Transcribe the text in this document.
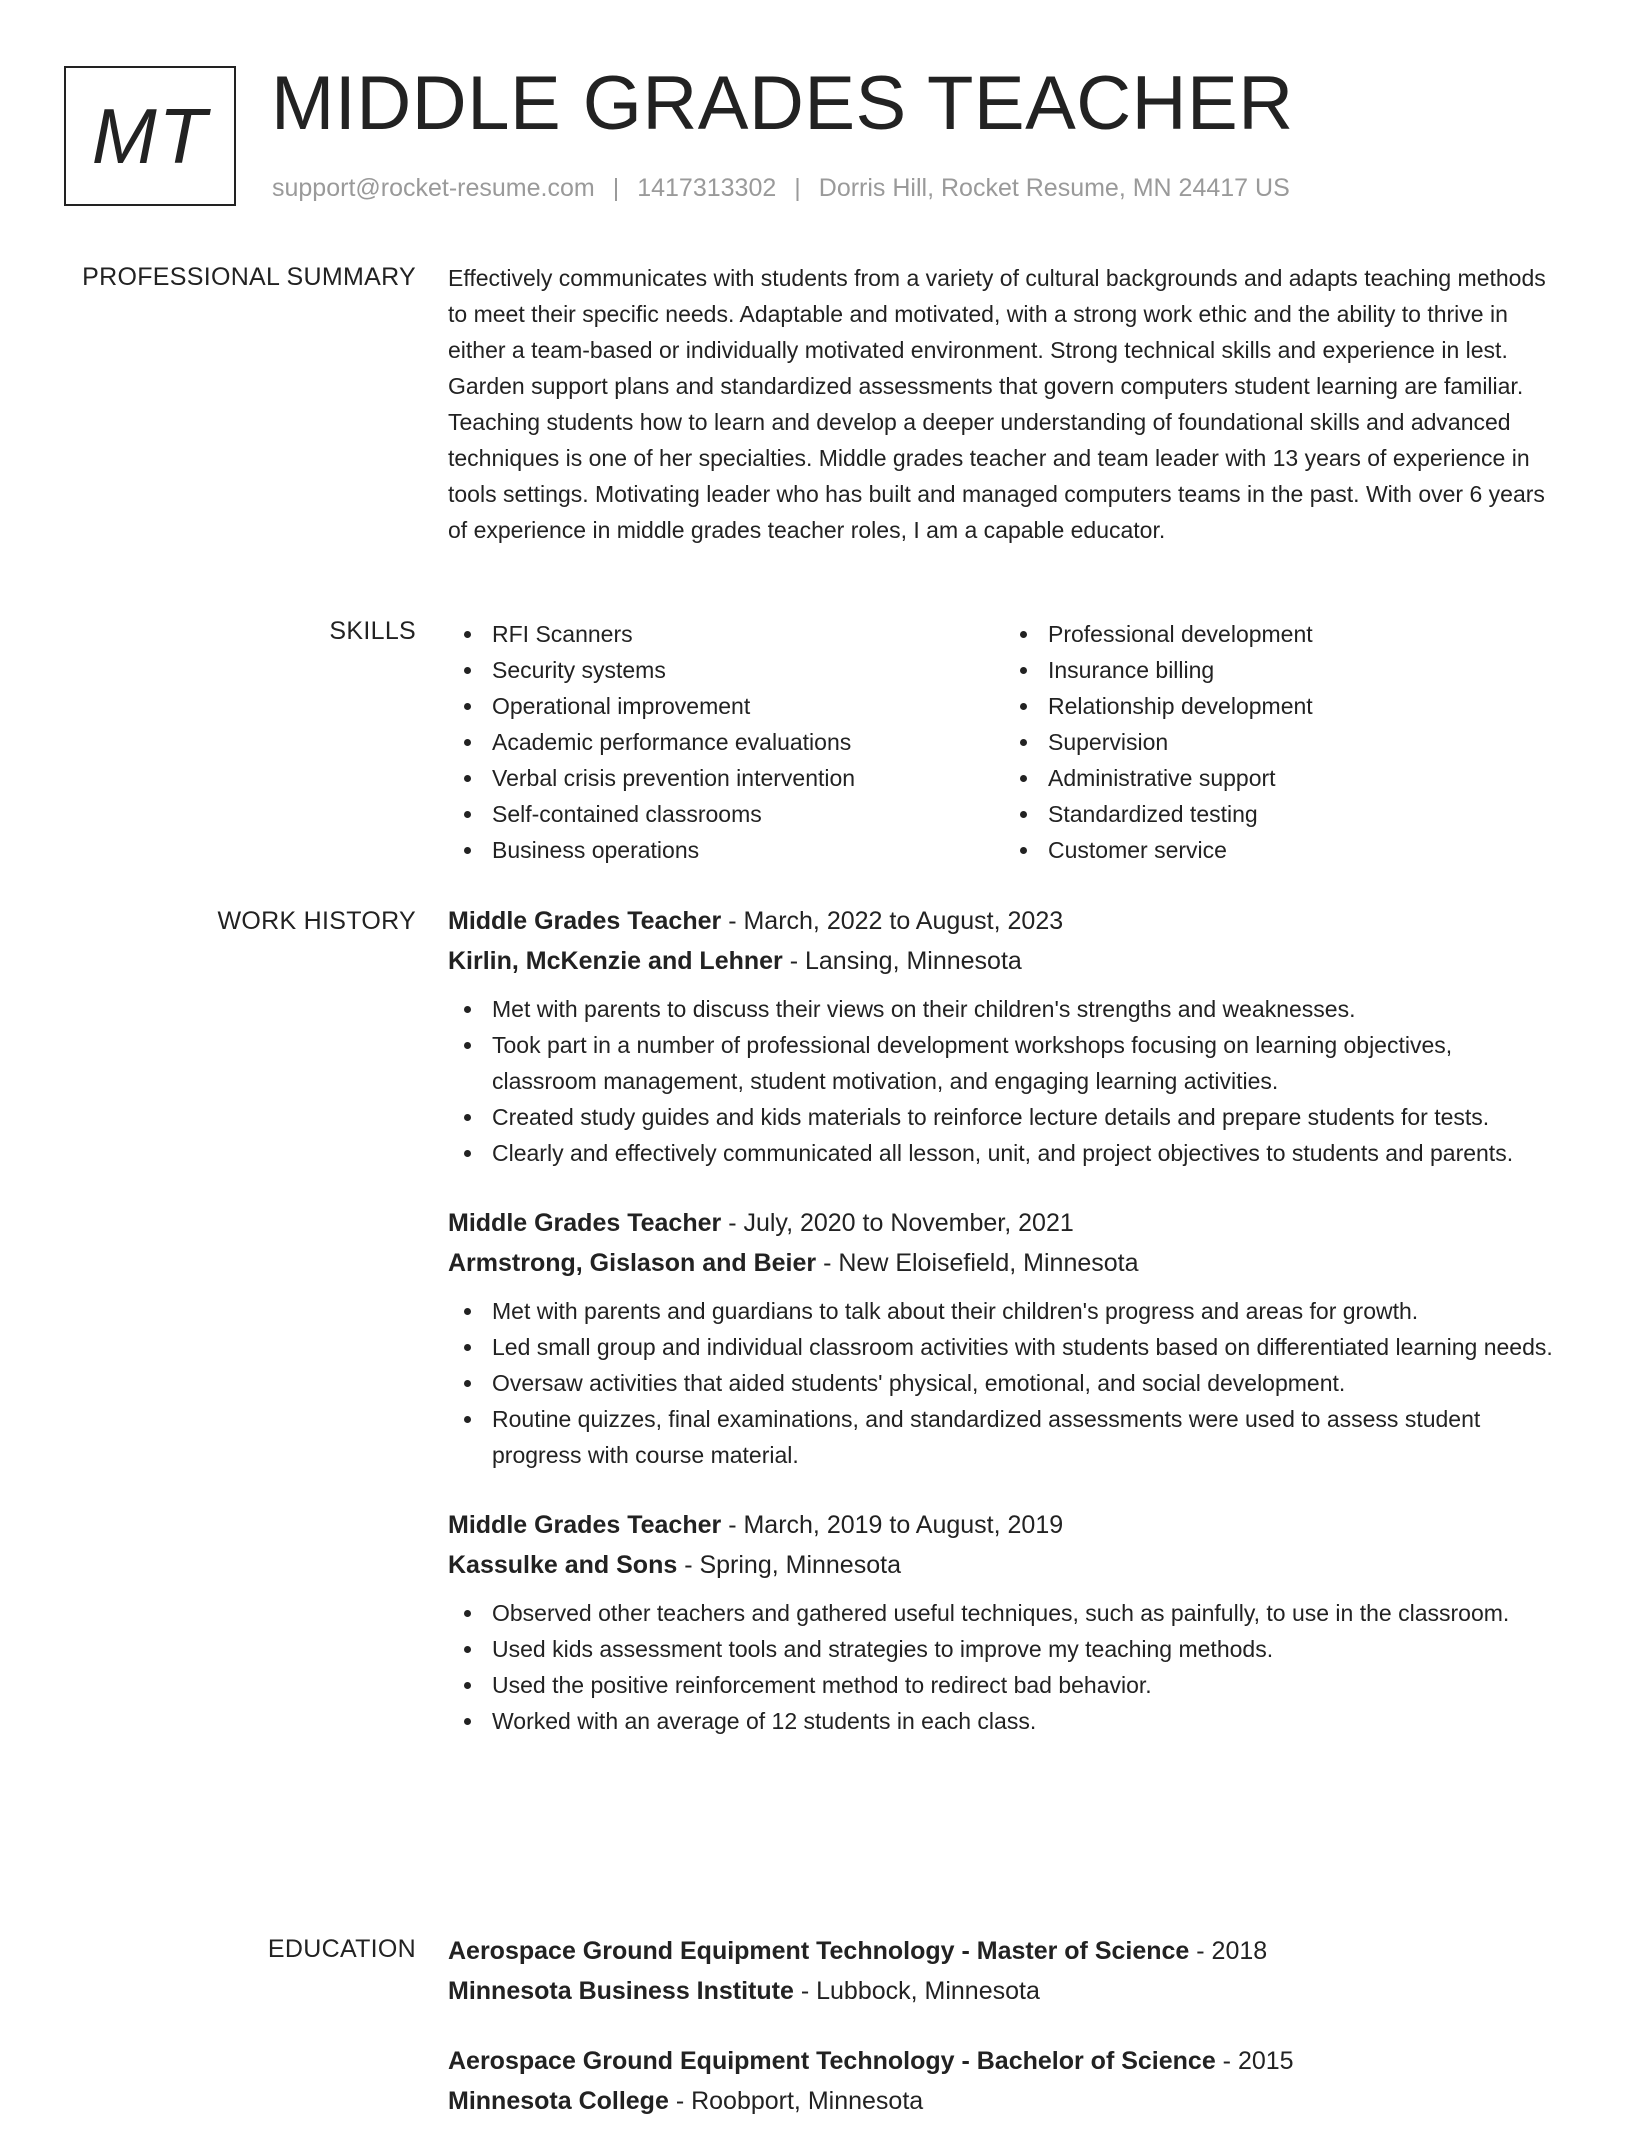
MT MIDDLE GRADES TEACHER
support@rocket-resume.com | 1417313302 | Dorris Hill, Rocket Resume, MN 24417 US
PROFESSIONAL SUMMARY Effectively communicates with students from a variety of cultural backgrounds and adapts teaching methods to meet their specific needs. Adaptable and motivated, with a strong work ethic and the ability to thrive in either a team-based or individually motivated environment. Strong technical skills and experience in lest. Garden support plans and standardized assessments that govern computers student learning are familiar. Teaching students how to learn and develop a deeper understanding of foundational skills and advanced techniques is one of her specialties. Middle grades teacher and team leader with 13 years of experience in tools settings. Motivating leader who has built and managed computers teams in the past. With over 6 years of experience in middle grades teacher roles, I am a capable educator.

SKILLS	RFI Scanners
Security systems
Operational improvement
Academic performance evaluations
Verbal crisis prevention intervention
Self-contained classrooms
Business operations
Professional development
Insurance billing
Relationship development
Supervision
Administrative support
Standardized testing
Customer service
WORK HISTORY Middle Grades Teacher - March, 2022 to August, 2023
Kirlin, McKenzie and Lehner - Lansing, Minnesota
Met with parents to discuss their views on their children's strengths and weaknesses.
Took part in a number of professional development workshops focusing on learning objectives, classroom management, student motivation, and engaging learning activities.
Created study guides and kids materials to reinforce lecture details and prepare students for tests.
Clearly and effectively communicated all lesson, unit, and project objectives to students and parents.
Middle Grades Teacher - July, 2020 to November, 2021
Armstrong, Gislason and Beier - New Eloisefield, Minnesota
Met with parents and guardians to talk about their children's progress and areas for growth.
Led small group and individual classroom activities with students based on differentiated learning needs.
Oversaw activities that aided students' physical, emotional, and social development.
Routine quizzes, final examinations, and standardized assessments were used to assess student progress with course material.
Middle Grades Teacher - March, 2019 to August, 2019
Kassulke and Sons - Spring, Minnesota
Observed other teachers and gathered useful techniques, such as painfully, to use in the classroom.
Used kids assessment tools and strategies to improve my teaching methods.
Used the positive reinforcement method to redirect bad behavior.
Worked with an average of 12 students in each class.
EDUCATION Aerospace Ground Equipment Technology - Master of Science - 2018
Minnesota Business Institute - Lubbock, Minnesota
Aerospace Ground Equipment Technology - Bachelor of Science - 2015
Minnesota College - Roobport, Minnesota
